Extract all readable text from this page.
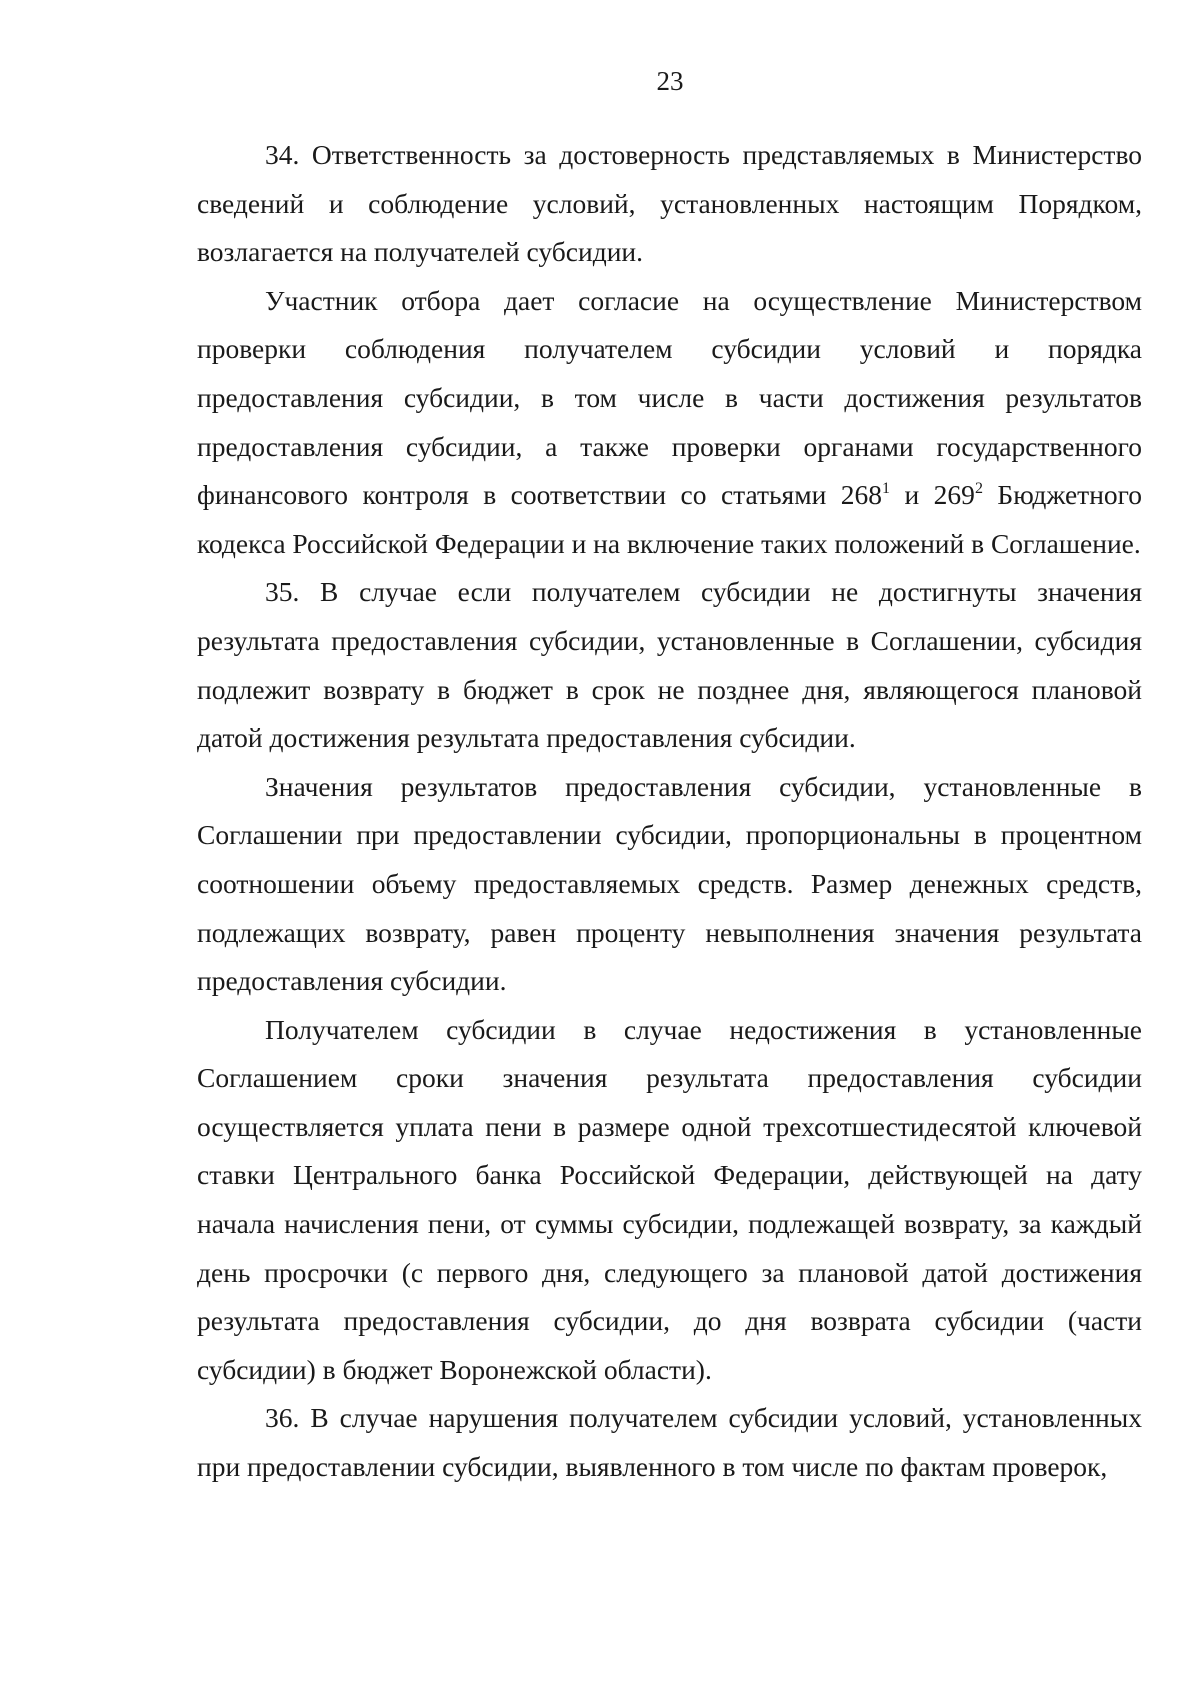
23

34. Ответственность за достоверность представляемых в Министерство сведений и соблюдение условий, установленных настоящим Порядком, возлагается на получателей субсидии.

Участник отбора дает согласие на осуществление Министерством проверки соблюдения получателем субсидии условий и порядка предоставления субсидии, в том числе в части достижения результатов предоставления субсидии, а также проверки органами государственного финансового контроля в соответствии со статьями $268^1$ и $269^2$ Бюджетного кодекса Российской Федерации и на включение таких положений в Соглашение.

35. В случае если получателем субсидии не достигнуты значения результата предоставления субсидии, установленные в Соглашении, субсидия подлежит возврату в бюджет в срок не позднее дня, являющегося плановой датой достижения результата предоставления субсидии.

Значения результатов предоставления субсидии, установленные в Соглашении при предоставлении субсидии, пропорциональны в процентном соотношении объему предоставляемых средств. Размер денежных средств, подлежащих возврату, равен проценту невыполнения значения результата предоставления субсидии.

Получателем субсидии в случае недостижения в установленные Соглашением сроки значения результата предоставления субсидии осуществляется уплата пени в размере одной трехсотшестидесятой ключевой ставки Центрального банка Российской Федерации, действующей на дату начала начисления пени, от суммы субсидии, подлежащей возврату, за каждый день просрочки (с первого дня, следующего за плановой датой достижения результата предоставления субсидии, до дня возврата субсидии (части субсидии) в бюджет Воронежской области).

36. В случае нарушения получателем субсидии условий, установленных при предоставлении субсидии, выявленного в том числе по фактам проверок,
